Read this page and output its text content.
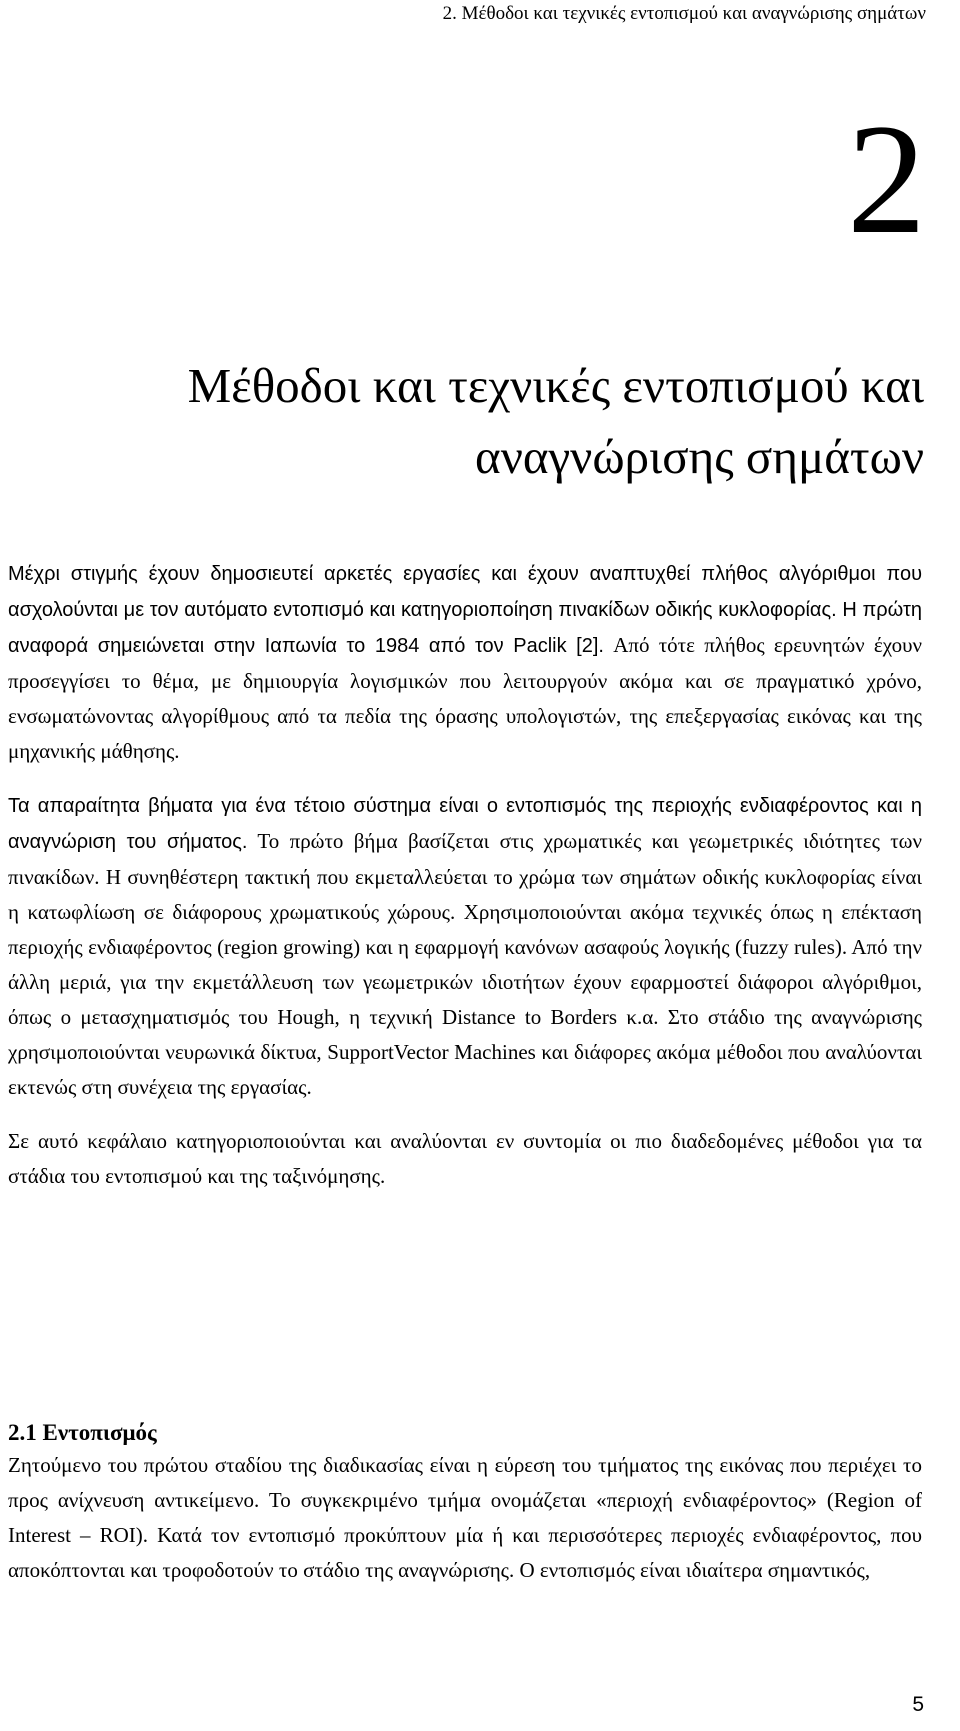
2. Μέθοδοι και τεχνικές εντοπισμού και αναγνώρισης σημάτων
2
Μέθοδοι και τεχνικές εντοπισμού και
αναγνώρισης σημάτων

Μέχρι στιγμής έχουν δημοσιευτεί αρκετές εργασίες και έχουν αναπτυχθεί πλήθος αλγόριθμοι που ασχολούνται με τον αυτόματο εντοπισμό και κατηγοριοποίηση πινακίδων οδικής κυκλοφορίας. Η πρώτη αναφορά σημειώνεται στην Ιαπωνία το 1984 από τον Paclik [2]. Από τότε πλήθος ερευνητών έχουν προσεγγίσει το θέμα, με δημιουργία λογισμικών που λειτουργούν ακόμα και σε πραγματικό χρόνο, ενσωματώνοντας αλγορίθμους από τα πεδία της όρασης υπολογιστών, της επεξεργασίας εικόνας και της μηχανικής μάθησης.

Τα απαραίτητα βήματα για ένα τέτοιο σύστημα είναι ο εντοπισμός της περιοχής ενδιαφέροντος και η αναγνώριση του σήματος. Το πρώτο βήμα βασίζεται στις χρωματικές και γεωμετρικές ιδιότητες των πινακίδων. Η συνηθέστερη τακτική που εκμεταλλεύεται το χρώμα των σημάτων οδικής κυκλοφορίας είναι η κατωφλίωση σε διάφορους χρωματικούς χώρους. Χρησιμοποιούνται ακόμα τεχνικές όπως η επέκταση περιοχής ενδιαφέροντος (region growing) και η εφαρμογή κανόνων ασαφούς λογικής (fuzzy rules). Από την άλλη μεριά, για την εκμετάλλευση των γεωμετρικών ιδιοτήτων έχουν εφαρμοστεί διάφοροι αλγόριθμοι, όπως ο μετασχηματισμός του Hough, η τεχνική Distance to Borders κ.α. Στο στάδιο της αναγνώρισης χρησιμοποιούνται νευρωνικά δίκτυα, SupportVector Machines και διάφορες ακόμα μέθοδοι που αναλύονται εκτενώς στη συνέχεια της εργασίας.

Σε αυτό κεφάλαιο κατηγοριοποιούνται και αναλύονται εν συντομία οι πιο διαδεδομένες μέθοδοι για τα στάδια του εντοπισμού και της ταξινόμησης.

2.1 Εντοπισμός

Ζητούμενο του πρώτου σταδίου της διαδικασίας είναι η εύρεση του τμήματος της εικόνας που περιέχει το προς ανίχνευση αντικείμενο. Το συγκεκριμένο τμήμα ονομάζεται «περιοχή ενδιαφέροντος» (Region of Interest – ROI). Κατά τον εντοπισμό προκύπτουν μία ή και περισσότερες περιοχές ενδιαφέροντος, που αποκόπτονται και τροφοδοτούν το στάδιο της αναγνώρισης. Ο εντοπισμός είναι ιδιαίτερα σημαντικός,

5
